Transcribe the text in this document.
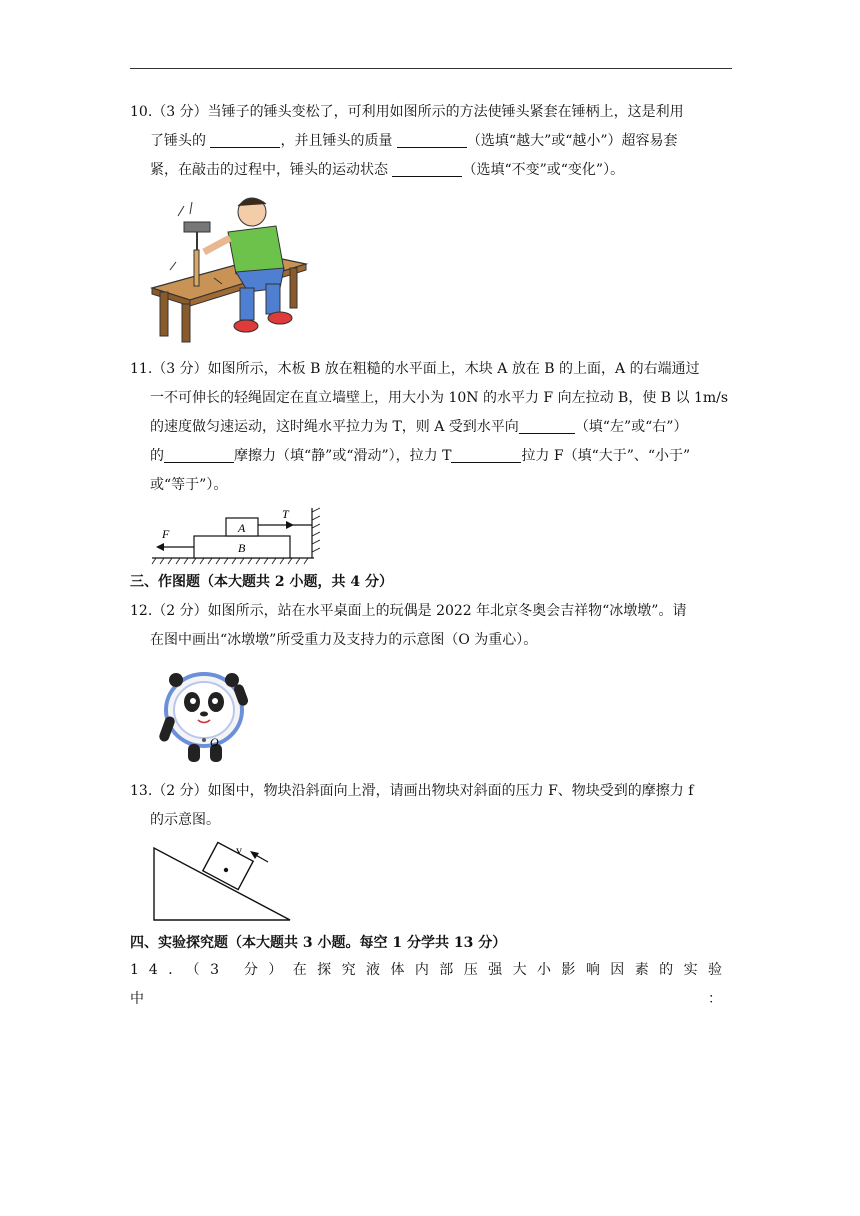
10.（3 分）当锤子的锤头变松了，可利用如图所示的方法使锤头紧套在锤柄上，这是利用

了锤头的	，并且锤头的质量	（选填“越大”或“越小”）超容易套

紧，在敲击的过程中，锤头的运动状态	（选填“不变”或“变化”）。

11.（3 分）如图所示，木板 B 放在粗糙的水平面上，木块 A 放在 B 的上面，A 的右端通过

一不可伸长的轻绳固定在直立墙壁上，用大小为 10N 的水平力 F 向左拉动 B，使 B 以 1m/s

的速度做匀速运动，这时绳水平拉力为 T，则 A 受到水平向	（填“左”或“右”）

的	摩擦力（填“静”或“滑动”），拉力 T	拉力 F（填“大于”、“小于”

或“等于”）。

F	A
B
T
三、作图题（本大题共 2 小题，共 4 分）

12.（2 分）如图所示，站在水平桌面上的玩偶是 2022 年北京冬奥会吉祥物“冰墩墩”。请

在图中画出“冰墩墩”所受重力及支持力的示意图（O 为重心）。

O

13.（2 分）如图中，物块沿斜面向上滑，请画出物块对斜面的压力 F、物块受到的摩擦力 f

的示意图。

v
四、实验探究题（本大题共 3 小题。每空 1 分学共 13 分）

14．（3 分）在探究液体内部压强大小影响因素的实验中：
